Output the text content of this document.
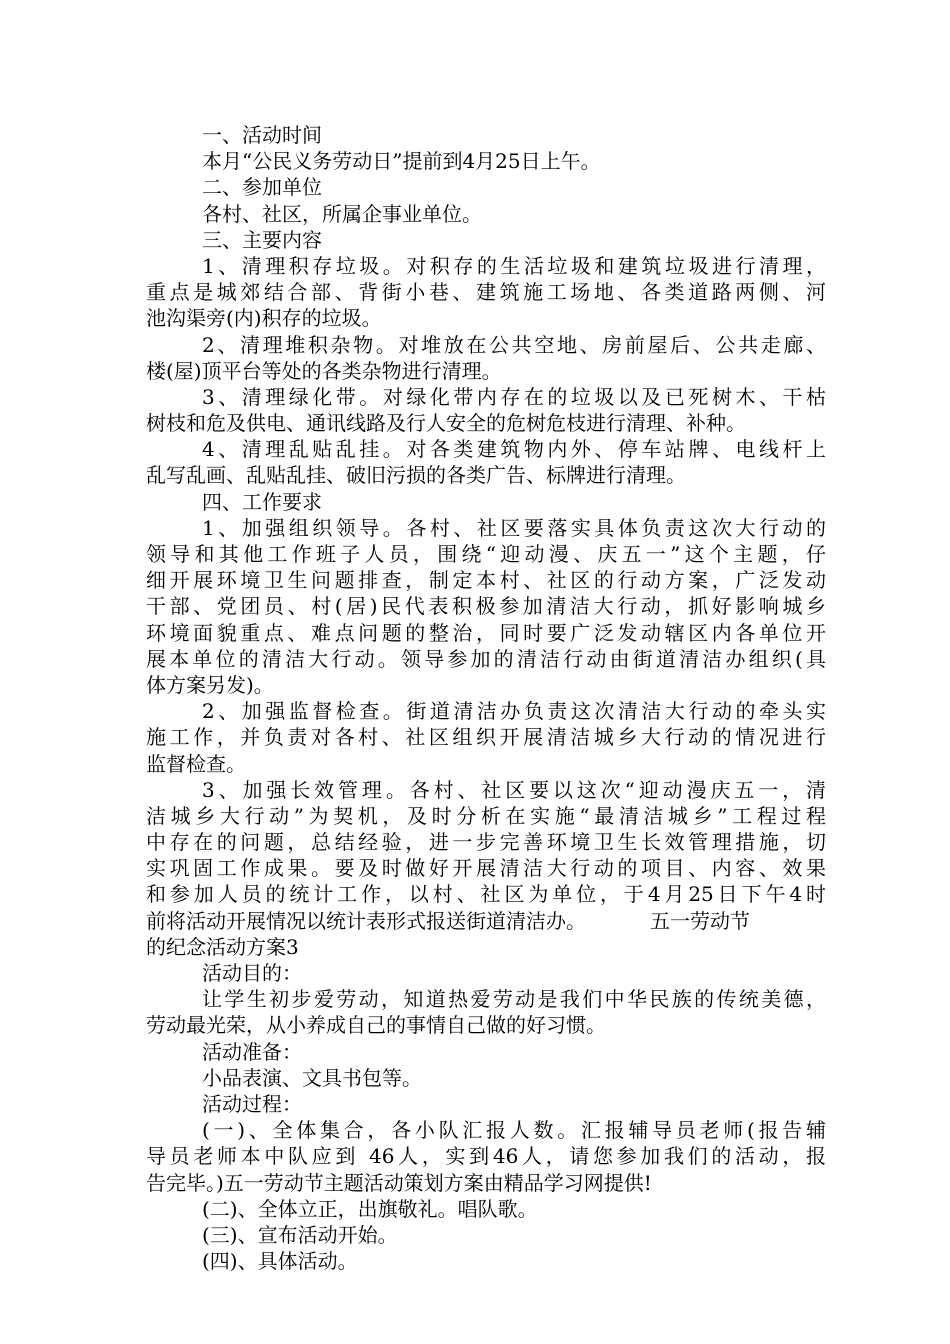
一、活动时间
本月“公民义务劳动日”提前到4月25日上午。
二、参加单位
各村、社区，所属企事业单位。
三、主要内容
1、清理积存垃圾。对积存的生活垃圾和建筑垃圾进行清理，
重点是城郊结合部、背街小巷、建筑施工场地、各类道路两侧、河
池沟渠旁(内)积存的垃圾。
2、清理堆积杂物。对堆放在公共空地、房前屋后、公共走廊、
楼(屋)顶平台等处的各类杂物进行清理。
3、清理绿化带。对绿化带内存在的垃圾以及已死树木、干枯
树枝和危及供电、通讯线路及行人安全的危树危枝进行清理、补种。
4、清理乱贴乱挂。对各类建筑物内外、停车站牌、电线杆上
乱写乱画、乱贴乱挂、破旧污损的各类广告、标牌进行清理。
四、工作要求
1、加强组织领导。各村、社区要落实具体负责这次大行动的
领导和其他工作班子人员，围绕“迎动漫、庆五一”这个主题，仔
细开展环境卫生问题排查，制定本村、社区的行动方案，广泛发动
干部、党团员、村(居)民代表积极参加清洁大行动，抓好影响城乡
环境面貌重点、难点问题的整治，同时要广泛发动辖区内各单位开
展本单位的清洁大行动。领导参加的清洁行动由街道清洁办组织(具
体方案另发)。
2、加强监督检查。街道清洁办负责这次清洁大行动的牵头实
施工作，并负责对各村、社区组织开展清洁城乡大行动的情况进行
监督检查。
3、加强长效管理。各村、社区要以这次“迎动漫庆五一，清
洁城乡大行动”为契机，及时分析在实施“最清洁城乡”工程过程
中存在的问题，总结经验，进一步完善环境卫生长效管理措施，切
实巩固工作成果。要及时做好开展清洁大行动的项目、内容、效果
和参加人员的统计工作，以村、社区为单位，于4月25日下午4时
前将活动开展情况以统计表形式报送街道清洁办。	五一劳动节
的纪念活动方案3
活动目的：
让学生初步爱劳动，知道热爱劳动是我们中华民族的传统美德，
劳动最光荣，从小养成自己的事情自己做的好习惯。
活动准备：
小品表演、文具书包等。
活动过程：
(一)、全体集合，各小队汇报人数。汇报辅导员老师(报告辅
导员老师本中队应到 46人，实到46人，请您参加我们的活动，报
告完毕。)五一劳动节主题活动策划方案由精品学习网提供!
(二)、全体立正，出旗敬礼。唱队歌。
(三)、宣布活动开始。
(四)、具体活动。
